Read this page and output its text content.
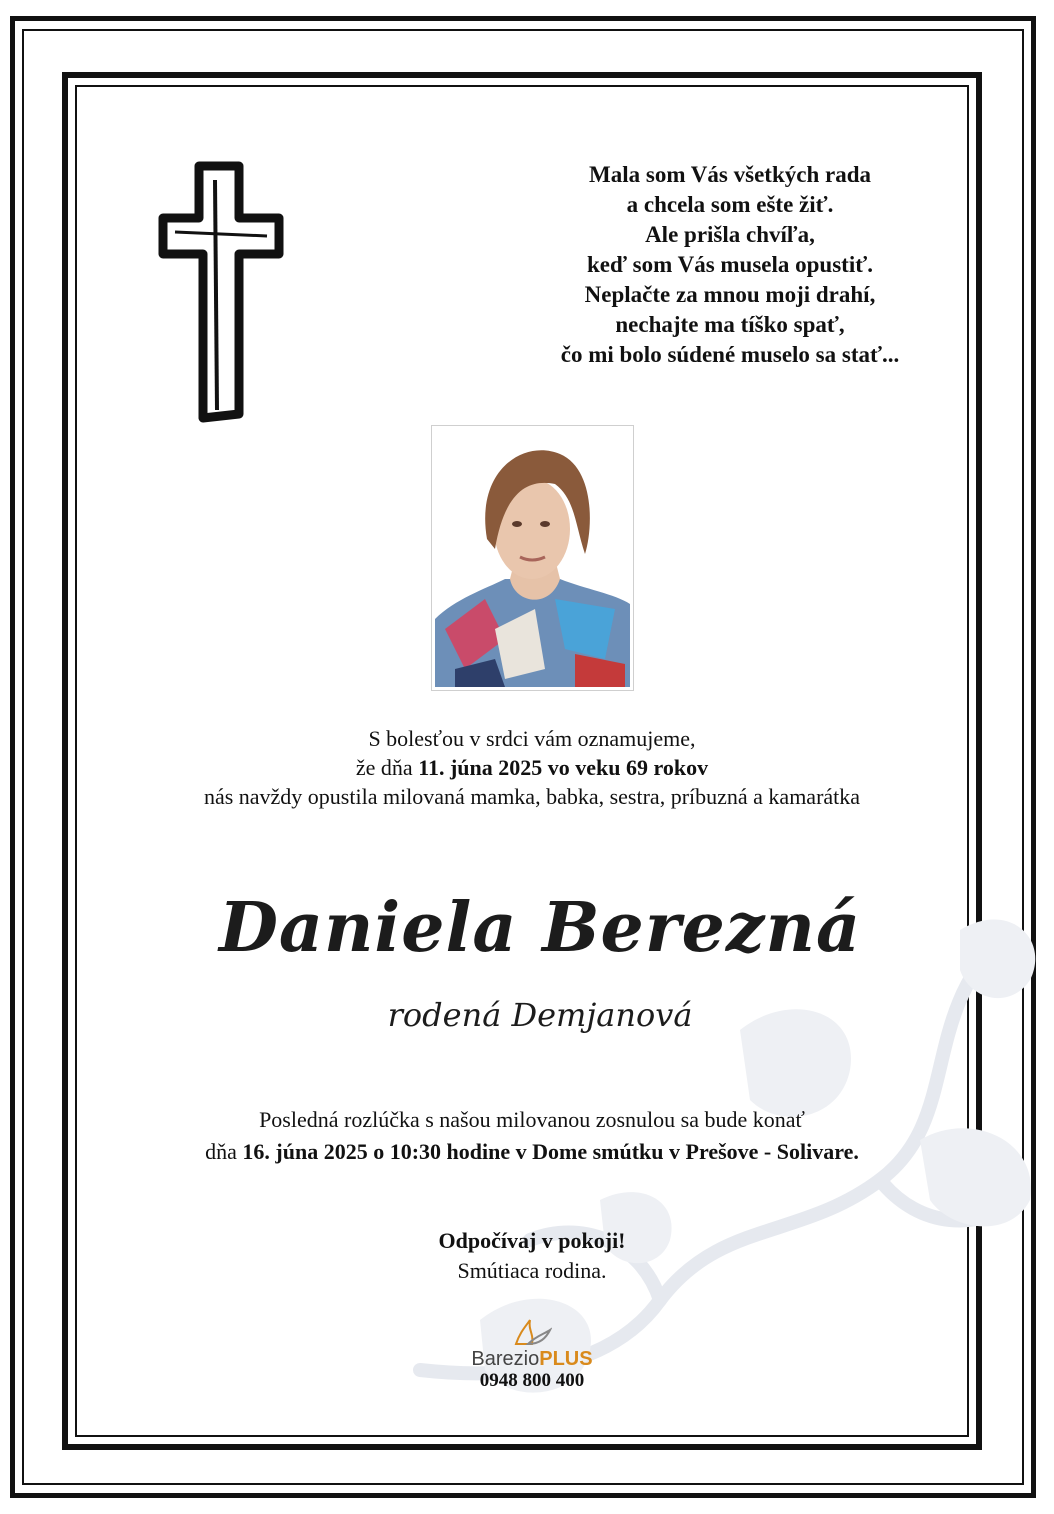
Mala som Vás všetkých rada
a chcela som ešte žiť.
Ale prišla chvíľa,
keď som Vás musela opustiť.
Neplačte za mnou moji drahí,
nechajte ma tíško spať,
čo mi bolo súdené muselo sa stať...
S bolesťou v srdci vám oznamujeme,
že dňa 11. júna 2025 vo veku 69 rokov
nás navždy opustila milovaná mamka, babka, sestra, príbuzná a kamarátka
Daniela Berezná
rodená Demjanová
Posledná rozlúčka s našou milovanou zosnulou sa bude konať
dňa 16. júna 2025 o 10:30 hodine v Dome smútku v Prešove - Solivare.
Odpočívaj v pokoji!
Smútiaca rodina.
BarezioPLUS
0948 800 400
